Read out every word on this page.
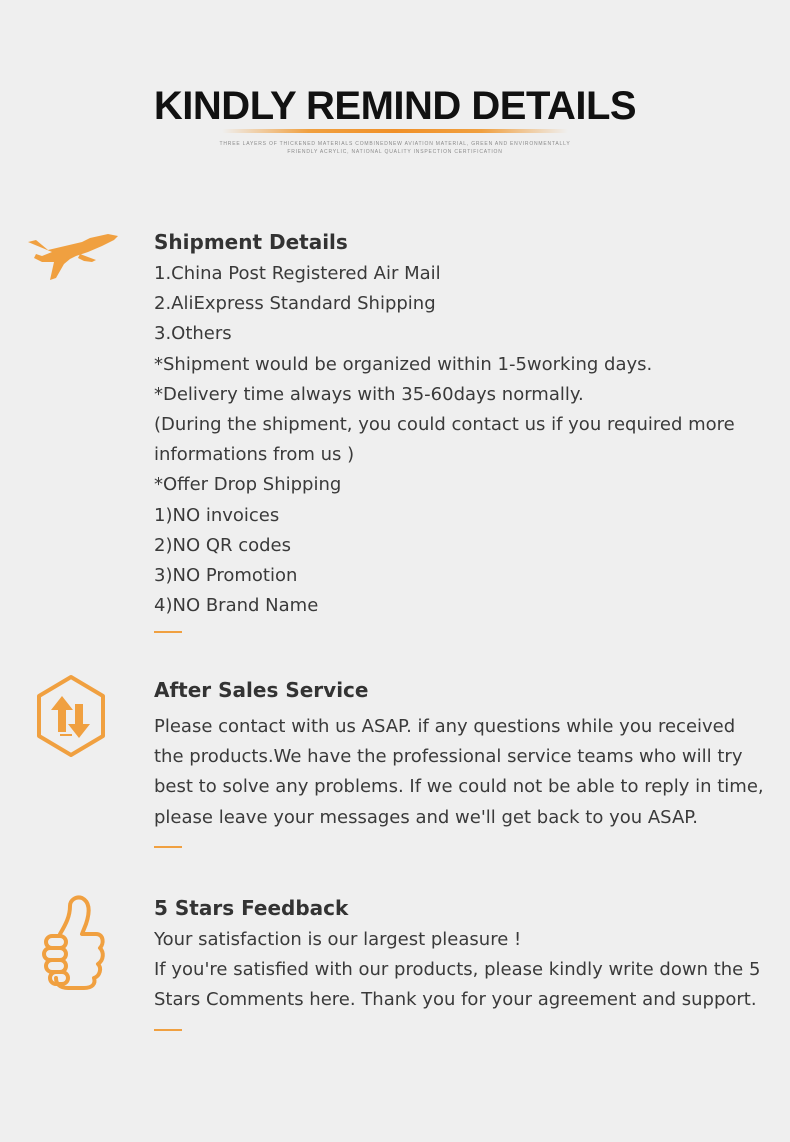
KINDLY REMIND DETAILS
THREE LAYERS OF THICKENED MATERIALS COMBINEDNEW AVIATION MATERIAL, GREEN AND ENVIRONMENTALLY
FRIENDLY ACRYLIC, NATIONAL QUALITY INSPECTION CERTIFICATION
Shipment Details
1.China Post Registered Air Mail
2.AliExpress Standard Shipping
3.Others
*Shipment would be organized within 1-5working days.
*Delivery time always with 35-60days normally.
(During the shipment, you could contact us if you required more
informations from us )
*Offer Drop Shipping
1)NO invoices
2)NO QR codes
3)NO Promotion
4)NO Brand Name
After Sales Service
Please contact with us ASAP. if any questions while you received the products.We have the professional service teams who will try best to solve any problems. If we could not be able to reply in time, please leave your messages and we'll get back to you ASAP.
5 Stars Feedback
Your satisfaction is our largest pleasure !
If you're satisfied with our products, please kindly write down the 5 Stars Comments here. Thank you for your agreement and support.
